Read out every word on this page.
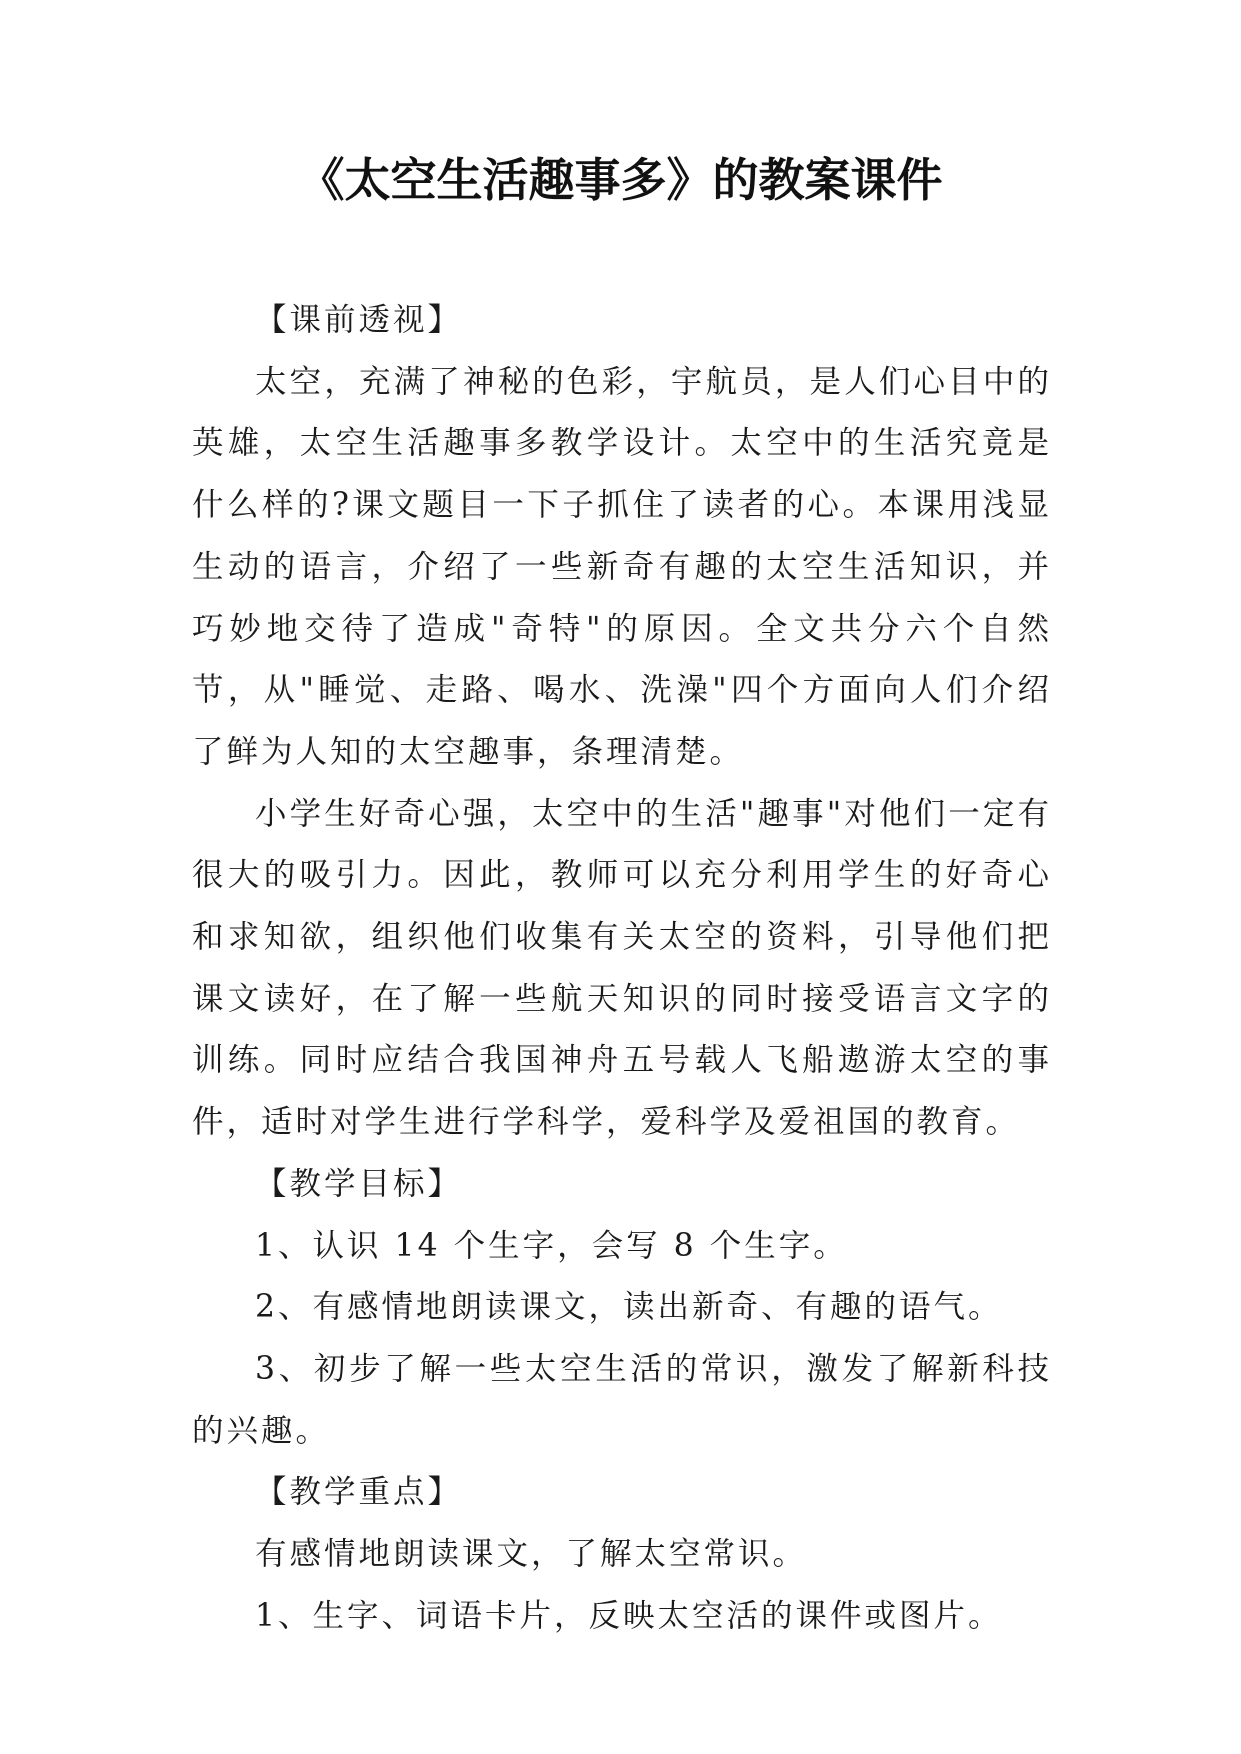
《太空生活趣事多》的教案课件

【课前透视】

太空，充满了神秘的色彩，宇航员，是人们心目中的英雄，太空生活趣事多教学设计。太空中的生活究竟是什么样的?课文题目一下子抓住了读者的心。本课用浅显生动的语言，介绍了一些新奇有趣的太空生活知识，并巧妙地交待了造成"奇特"的原因。全文共分六个自然节，从"睡觉、走路、喝水、洗澡"四个方面向人们介绍了鲜为人知的太空趣事，条理清楚。

小学生好奇心强，太空中的生活"趣事"对他们一定有很大的吸引力。因此，教师可以充分利用学生的好奇心和求知欲，组织他们收集有关太空的资料，引导他们把课文读好，在了解一些航天知识的同时接受语言文字的训练。同时应结合我国神舟五号载人飞船遨游太空的事件，适时对学生进行学科学，爱科学及爱祖国的教育。

【教学目标】

1、认识 14 个生字，会写 8 个生字。

2、有感情地朗读课文，读出新奇、有趣的语气。

3、初步了解一些太空生活的常识，激发了解新科技的兴趣。

【教学重点】

有感情地朗读课文，了解太空常识。

1、生字、词语卡片，反映太空活的课件或图片。
